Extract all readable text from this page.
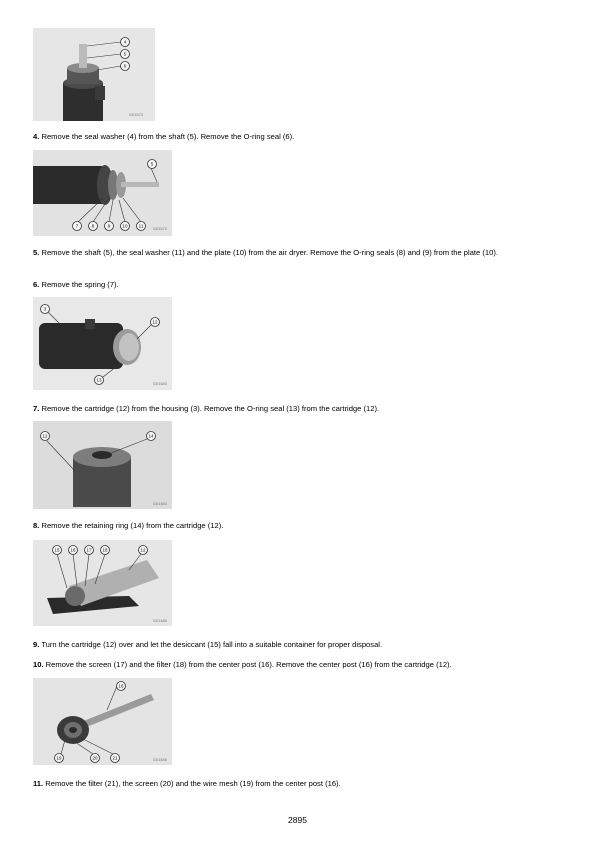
4
5
6
G01573
4. Remove the seal washer (4) from the shaft (5). Remove the O-ring seal (6).
5
7	8	9	10 11 G01572
5. Remove the shaft (5), the seal washer (11) and the plate (10) from the air dryer. Remove the O-ring seals (8) and (9) from the plate (10).
6. Remove the spring (7).
3
12
13
G01583
7. Remove the cartridge (12) from the housing (3). Remove the O-ring seal (13) from the cartridge (12).
12	14
G01484
8. Remove the retaining ring (14) from the cartridge (12).
15 16 17 18	12
G01485
9. Turn the cartridge (12) over and let the desiccant (15) fall into a suitable container for proper disposal.
10. Remove the screen (17) and the filter (18) from the center post (16). Remove the center post (16) from the cartridge (12).
16
19	20	21	G01486
11. Remove the filter (21), the screen (20) and the wire mesh (19) from the center post (16).
2895
